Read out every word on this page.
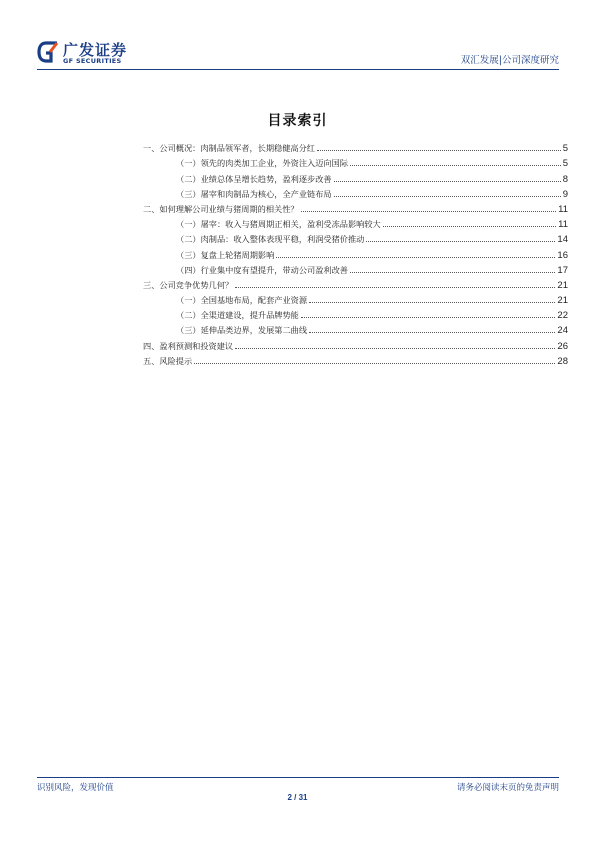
广发证券
GF SECURITIES	双汇发展|公司深度研究
目录索引
一、公司概况：肉制品领军者，长期稳健高分红	5
（一）领先的肉类加工企业，外资注入迈向国际	5
（二）业绩总体呈增长趋势，盈利逐步改善	8
（三）屠宰和肉制品为核心，全产业链布局	9
二、如何理解公司业绩与猪周期的相关性？	11
（一）屠宰：收入与猪周期正相关，盈利受冻品影响较大	11
（二）肉制品：收入整体表现平稳，利润受猪价推动	14
（三）复盘上轮猪周期影响	16
（四）行业集中度有望提升，带动公司盈利改善	17
三、公司竞争优势几何？	21
（一）全国基地布局，配套产业资源	21
（二）全渠道建设，提升品牌势能	22
（三）延伸品类边界，发展第二曲线	24
四、盈利预测和投资建议	26
五、风险提示	28
识别风险，发现价值	请务必阅读末页的免责声明
2 / 31
